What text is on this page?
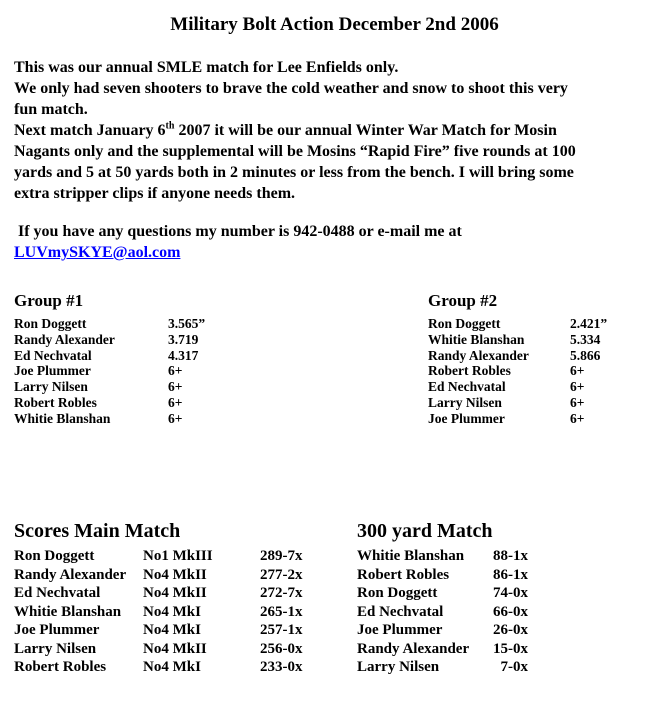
Military Bolt Action December 2nd 2006
This was our annual SMLE match for Lee Enfields only.
We only had seven shooters to brave the cold weather and snow to shoot this very
fun match.
Next match January 6th 2007 it will be our annual Winter War Match for Mosin
Nagants only and the supplemental will be Mosins “Rapid Fire” five rounds at 100
yards and 5 at 50 yards both in 2 minutes or less from the bench. I will bring some
extra stripper clips if anyone needs them.
If you have any questions my number is 942-0488 or e-mail me at
LUVmySKYE@aol.com
Group #1
Ron Doggett	3.565”
Randy Alexander	3.719
Ed Nechvatal	4.317
Joe Plummer	6+
Larry Nilsen	6+
Robert Robles	6+
Whitie Blanshan	6+
Group #2
Ron Doggett	2.421”
Whitie Blanshan	5.334
Randy Alexander	5.866
Robert Robles	6+
Ed Nechvatal	6+
Larry Nilsen	6+
Joe Plummer	6+
Scores Main Match
Ron Doggett	No1 MkIII	289-7x
Randy Alexander	No4 MkII	277-2x
Ed Nechvatal	No4 MkII	272-7x
Whitie Blanshan	No4 MkI	265-1x
Joe Plummer	No4 MkI	257-1x
Larry Nilsen	No4 MkII	256-0x
Robert Robles	No4 MkI	233-0x
300 yard Match
Whitie Blanshan	88-1x
Robert Robles	86-1x
Ron Doggett	74-0x
Ed Nechvatal	66-0x
Joe Plummer	26-0x
Randy Alexander	15-0x
Larry Nilsen	7-0x
